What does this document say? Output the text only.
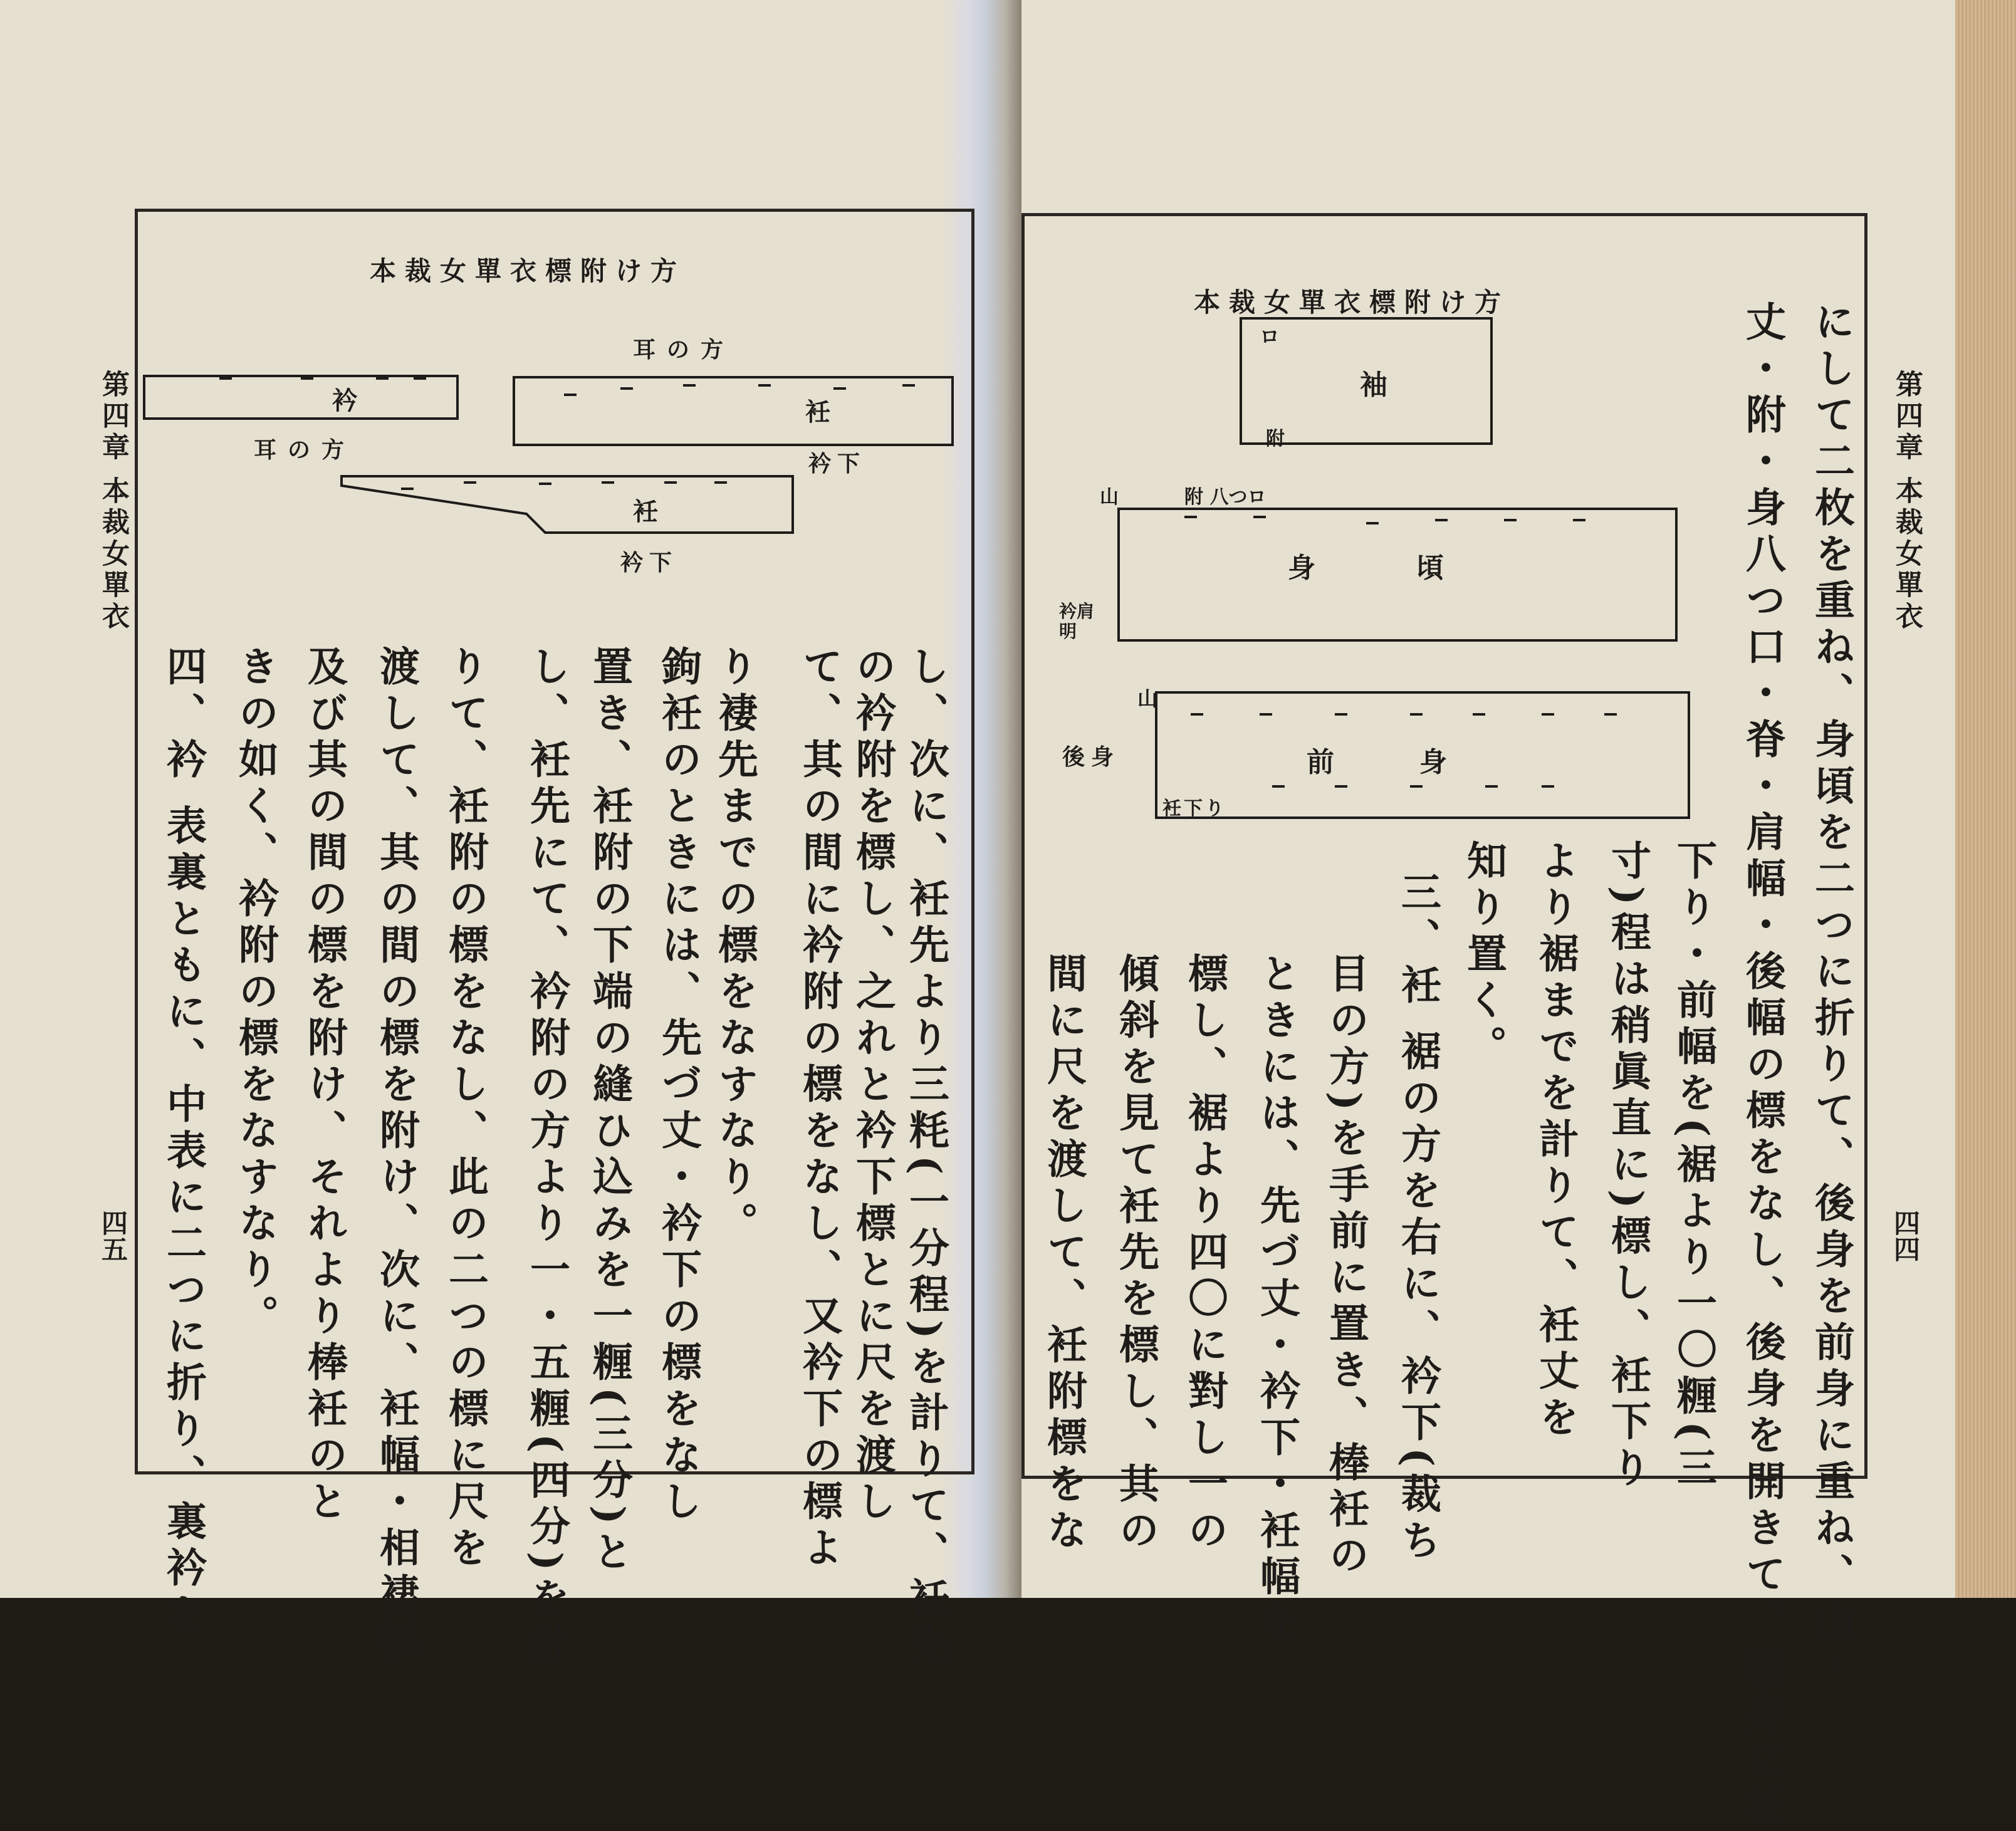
第四章
本裁女單衣
四五
第四章
本裁女單衣
四四
本裁女單衣標附け方
本裁女單衣標附け方
耳の方
衿
耳の方
衽
衿下
衽
衿下
ロ
袖
附
山	附 八つロ
身	頃
衿肩明
山
後身	前	身
衽下り
し、次に、衽先より三粍(一分程)を計りて、衽先
の衿附を標し、之れと衿下標とに尺を渡し
て、其の間に衿附の標をなし、又衿下の標よ
り褄先までの標をなすなり。
鉤衽のときには、先づ丈・衿下の標をなし
置き、衽附の下端の縫ひ込みを一糎(三分)と
し、衽先にて、衿附の方より一・五糎(四分)を計
りて、衽附の標をなし、此の二つの標に尺を
渡して、其の間の標を附け、次に、衽幅・相褄幅
及び其の間の標を附け、それより棒衽のと
きの如く、衿附の標をなすなり。
四、衿 表裏ともに、中表に二つに折り、裏衿を	にして二枚を重ね、身頃を二つに折りて、後身を前身に重ね、山・
丈・附・身八つ口・脊・肩幅・後幅の標をなし、後身を開きて、前身に衽
下り・前幅を(裾より一〇糎(三
寸)程は稍眞直に)標し、衽下り
より裾までを計りて、衽丈を
知り置く。
三、衽 裾の方を右に、衿下(裁ち
目の方)を手前に置き、棒衽の
ときには、先づ丈・衿下・衽幅を
標し、裾より四〇に對し一の
傾斜を見て衽先を標し、其の
間に尺を渡して、衽附標をな
